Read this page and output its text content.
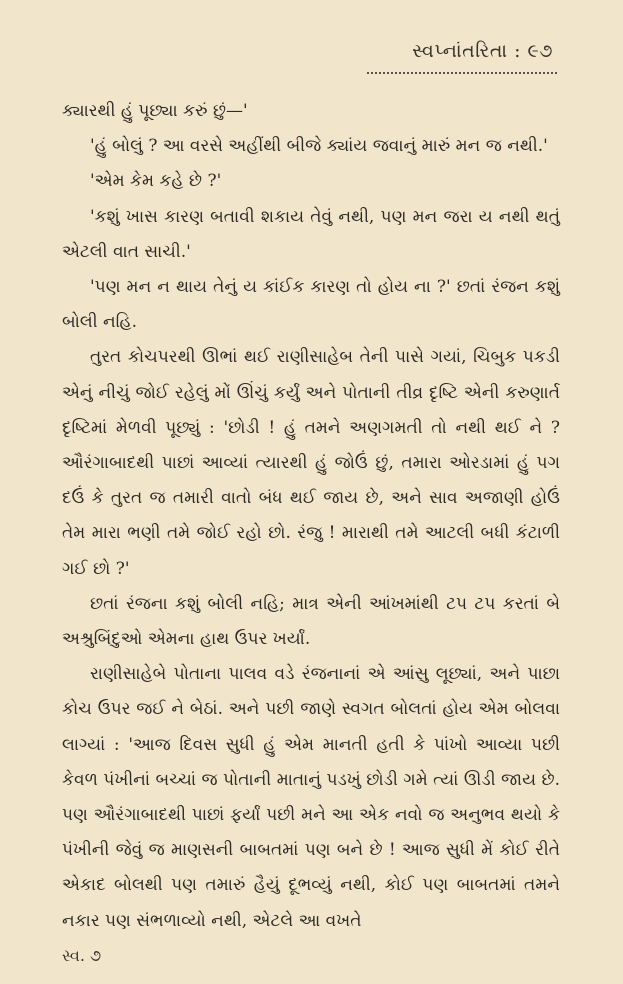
સ્વપ્નાંતરિતા : ૯૭

ક્યારથી હું પૂછ્યા કરું છું—'

'હું બોલું ? આ વરસે અહીંથી બીજે ક્યાંય જવાનું મારું મન જ નથી.'

'એમ કેમ કહે છે ?'

'કશું ખાસ કારણ બતાવી શકાય તેવું નથી, પણ મન જરા ય નથી થતું એટલી વાત સાચી.'

'પણ મન ન થાય તેનું ય કાંઈક કારણ તો હોય ના ?' છતાં રંજન કશું બોલી નહિ.

તુરત કોચપરથી ઊભાં થઈ રાણીસાહેબ તેની પાસે ગયાં, ચિબુક પકડી એનું નીચું જોઈ રહેલું મોં ઊંચું કર્યું અને પોતાની તીવ્ર દૃષ્ટિ એની કરુણાર્ત દૃષ્ટિમાં મેળવી પૂછ્યું : 'છોડી ! હું તમને અણગમતી તો નથી થઈ ને ? ઔરંગાબાદથી પાછાં આવ્યાં ત્યારથી હું જોઉં છું, તમારા ઓરડામાં હું પગ દઉં કે તુરત જ તમારી વાતો બંધ થઈ જાય છે, અને સાવ અજાણી હોઉં તેમ મારા ભણી તમે જોઈ રહો છો. રંજુ ! મારાથી તમે આટલી બધી કંટાળી ગઈ છો ?'

છતાં રંજના કશું બોલી નહિ; માત્ર એની આંખમાંથી ટપ ટપ કરતાં બે અશ્રુબિંદુઓ એમના હાથ ઉપર ખર્યાં.

રાણીસાહેબે પોતાના પાલવ વડે રંજનાનાં એ આંસુ લૂછ્યાં, અને પાછા કોચ ઉપર જઈ ને બેઠાં. અને પછી જાણે સ્વગત બોલતાં હોય એમ બોલવા લાગ્યાં : 'આજ દિવસ સુધી હું એમ માનતી હતી કે પાંખો આવ્યા પછી કેવળ પંખીનાં બચ્ચાં જ પોતાની માતાનું પડખું છોડી ગમે ત્યાં ઊડી જાય છે. પણ ઔરંગાબાદથી પાછાં ફર્યાં પછી મને આ એક નવો જ અનુભવ થયો કે પંખીની જેવું જ માણસની બાબતમાં પણ બને છે ! આજ સુધી મેં કોઈ રીતે એકાદ બોલથી પણ તમારું હૈયું દૂભવ્યું નથી, કોઈ પણ બાબતમાં તમને નકાર પણ સંભળાવ્યો નથી, એટલે આ વખતે

સ્વ. ૭
